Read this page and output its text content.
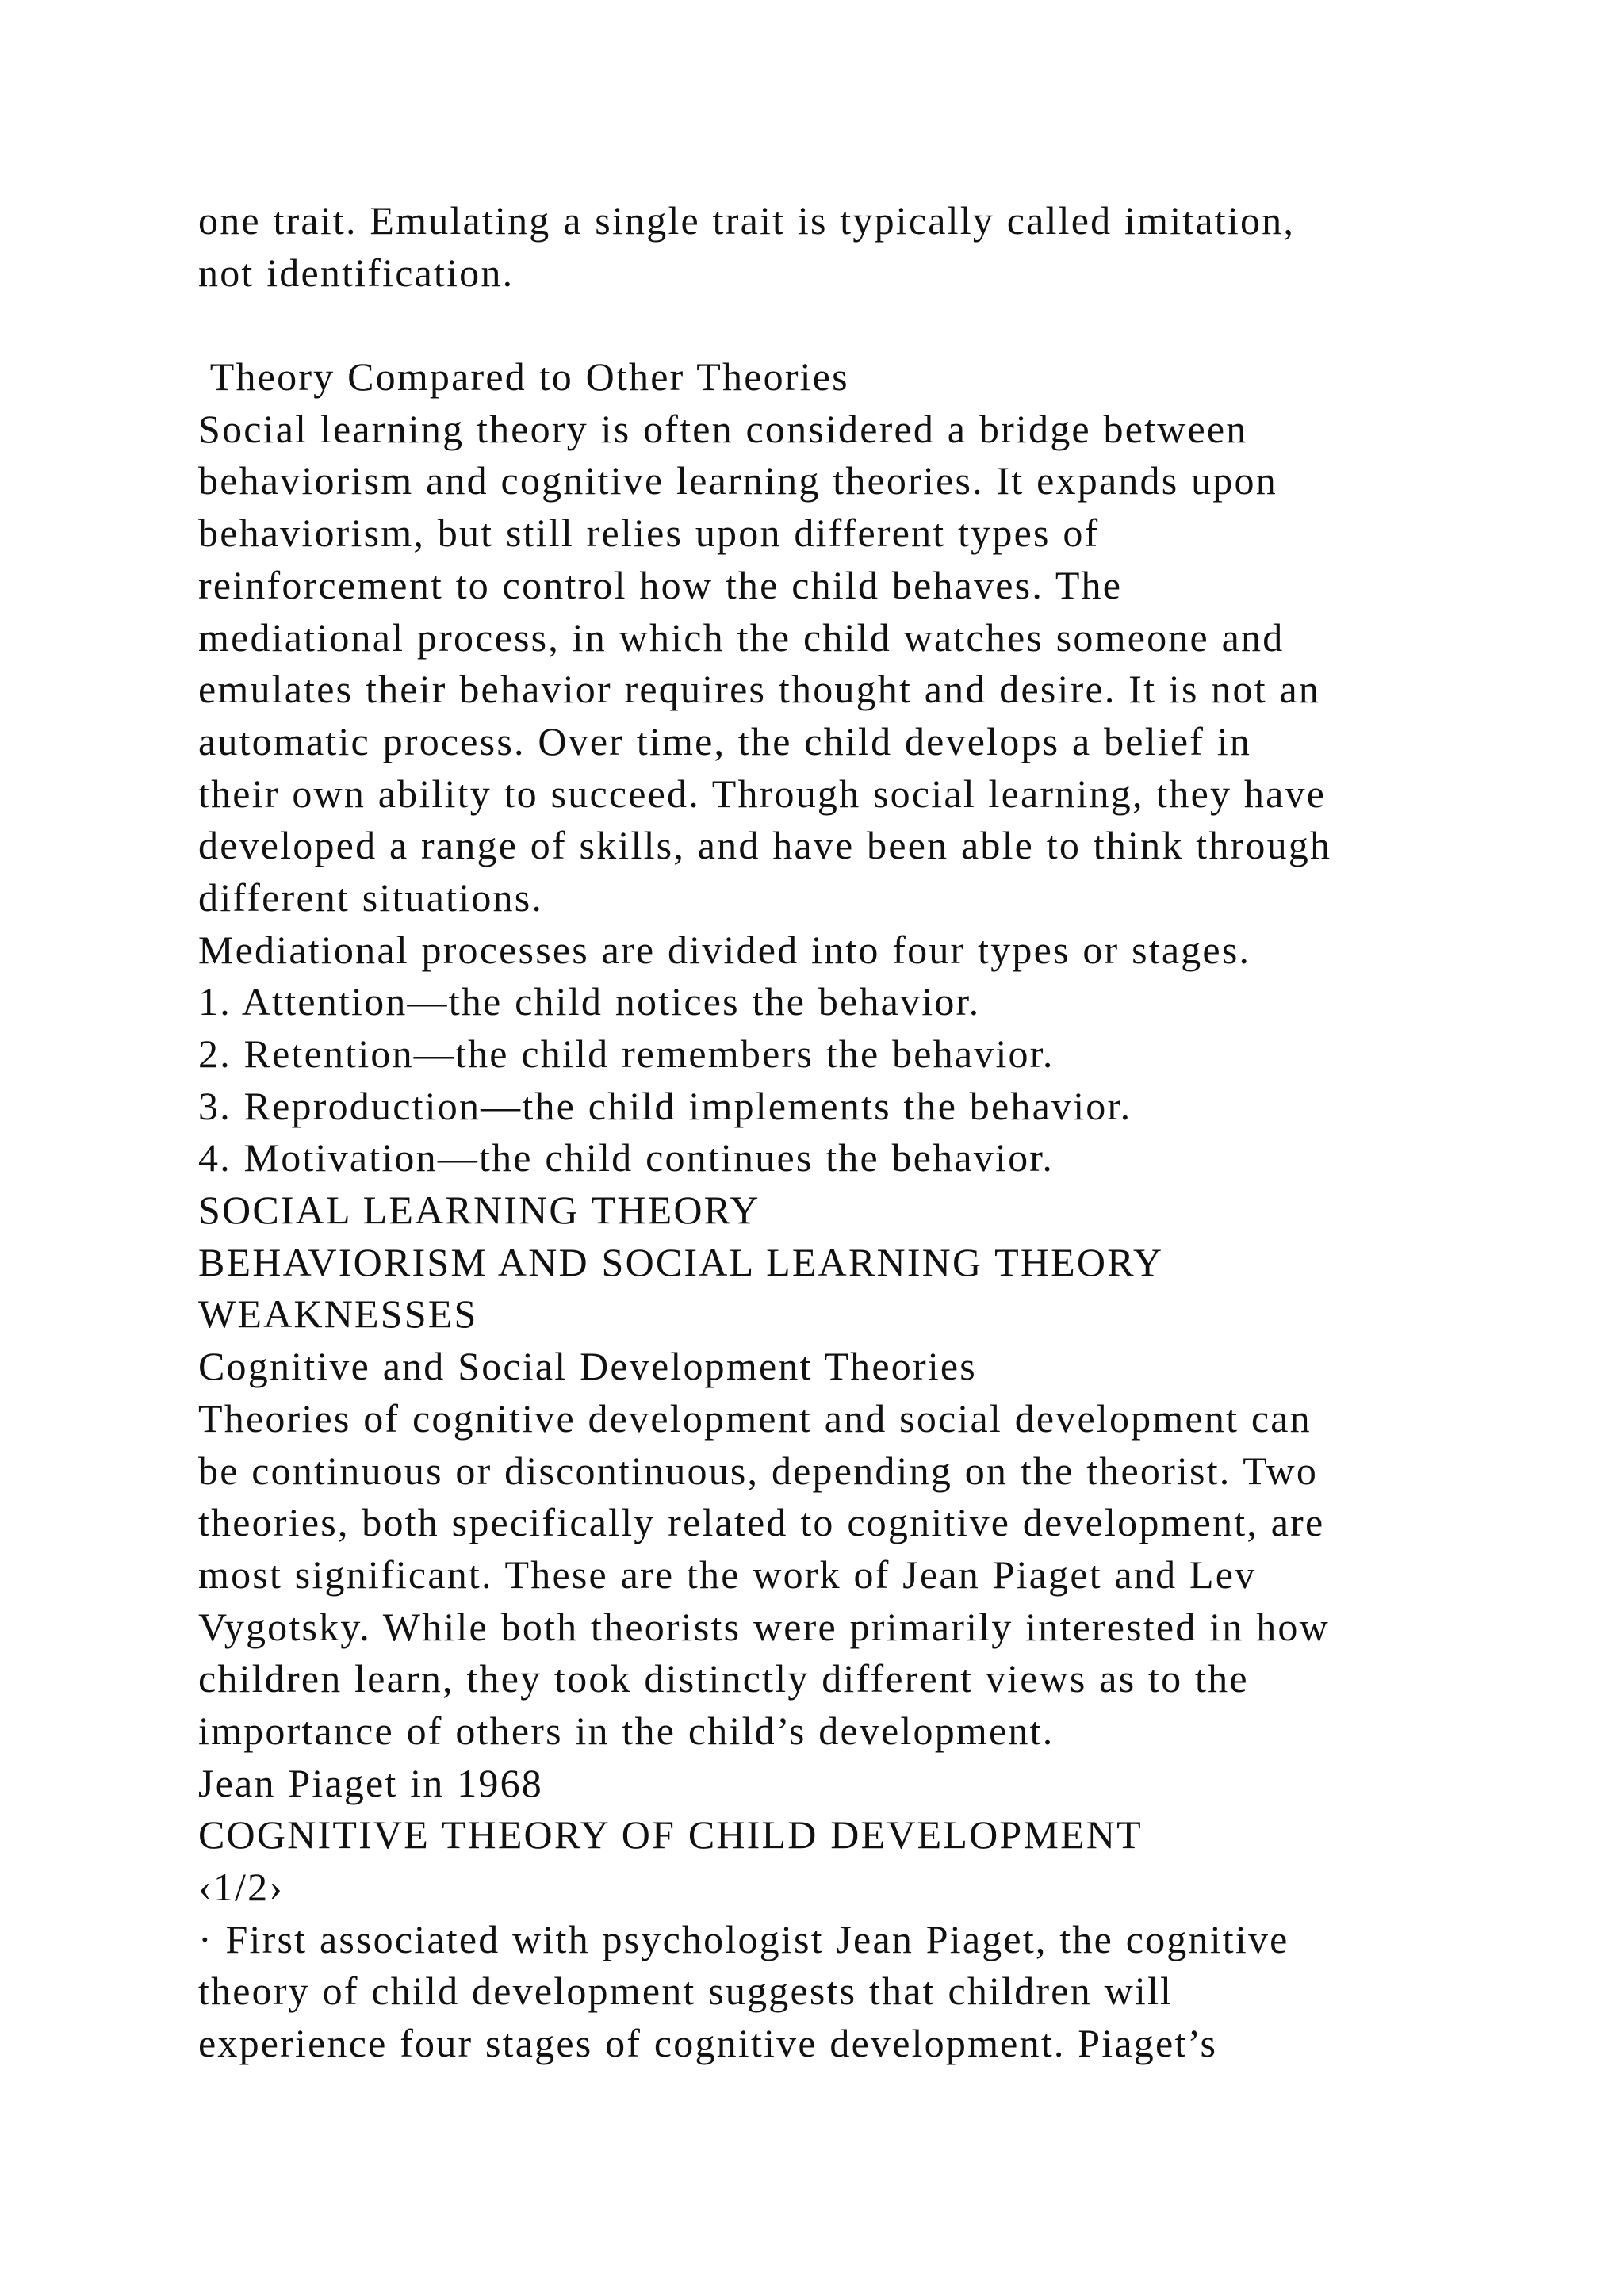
one trait. Emulating a single trait is typically called imitation,
not identification.
Theory Compared to Other Theories
Social learning theory is often considered a bridge between
behaviorism and cognitive learning theories. It expands upon
behaviorism, but still relies upon different types of
reinforcement to control how the child behaves. The
mediational process, in which the child watches someone and
emulates their behavior requires thought and desire. It is not an
automatic process. Over time, the child develops a belief in
their own ability to succeed. Through social learning, they have
developed a range of skills, and have been able to think through
different situations.
Mediational processes are divided into four types or stages.
1. Attention—the child notices the behavior.
2. Retention—the child remembers the behavior.
3. Reproduction—the child implements the behavior.
4. Motivation—the child continues the behavior.
SOCIAL LEARNING THEORY
BEHAVIORISM AND SOCIAL LEARNING THEORY
WEAKNESSES
Cognitive and Social Development Theories
Theories of cognitive development and social development can
be continuous or discontinuous, depending on the theorist. Two
theories, both specifically related to cognitive development, are
most significant. These are the work of Jean Piaget and Lev
Vygotsky. While both theorists were primarily interested in how
children learn, they took distinctly different views as to the
importance of others in the child’s development.
Jean Piaget in 1968
COGNITIVE THEORY OF CHILD DEVELOPMENT
‹1/2›
· First associated with psychologist Jean Piaget, the cognitive
theory of child development suggests that children will
experience four stages of cognitive development. Piaget’s
